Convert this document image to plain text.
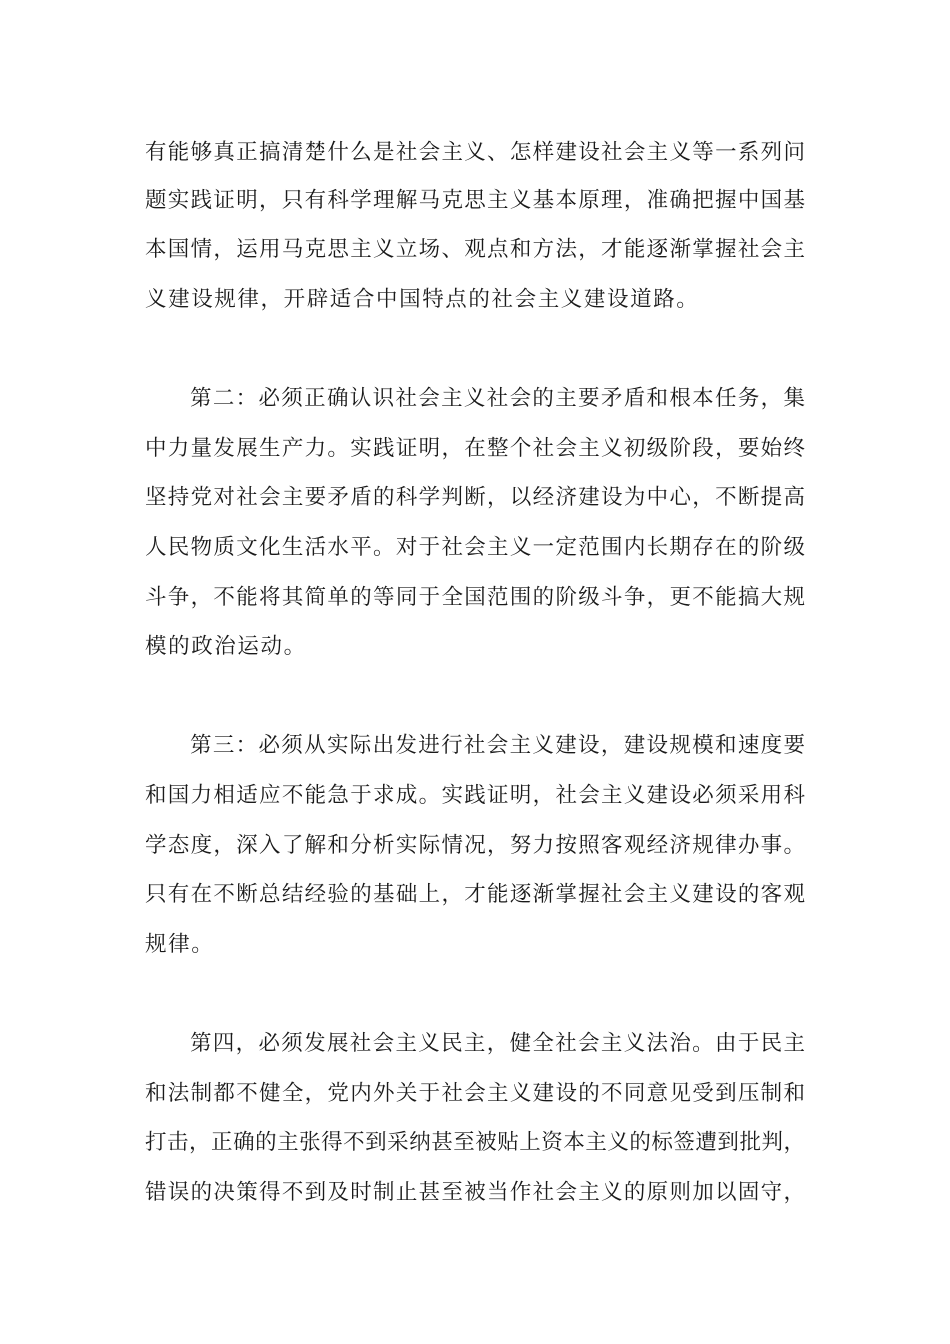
有能够真正搞清楚什么是社会主义、怎样建设社会主义等一系列问
题实践证明，只有科学理解马克思主义基本原理，准确把握中国基
本国情，运用马克思主义立场、观点和方法，才能逐渐掌握社会主
义建设规律，开辟适合中国特点的社会主义建设道路。
第二：必须正确认识社会主义社会的主要矛盾和根本任务，集
中力量发展生产力。实践证明，在整个社会主义初级阶段，要始终
坚持党对社会主要矛盾的科学判断，以经济建设为中心，不断提高
人民物质文化生活水平。对于社会主义一定范围内长期存在的阶级
斗争，不能将其简单的等同于全国范围的阶级斗争，更不能搞大规
模的政治运动。
第三：必须从实际出发进行社会主义建设，建设规模和速度要
和国力相适应不能急于求成。实践证明，社会主义建设必须采用科
学态度，深入了解和分析实际情况，努力按照客观经济规律办事。
只有在不断总结经验的基础上，才能逐渐掌握社会主义建设的客观
规律。
第四，必须发展社会主义民主，健全社会主义法治。由于民主
和法制都不健全，党内外关于社会主义建设的不同意见受到压制和
打击，正确的主张得不到采纳甚至被贴上资本主义的标签遭到批判，
错误的决策得不到及时制止甚至被当作社会主义的原则加以固守，
